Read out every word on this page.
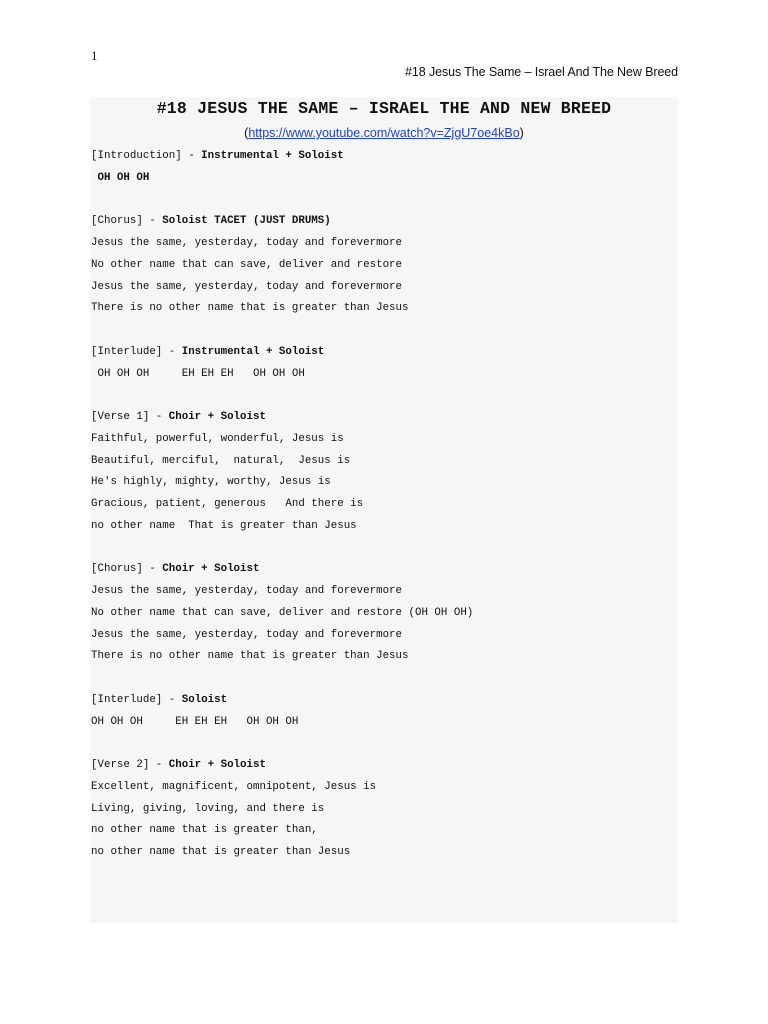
1
#18 Jesus The Same – Israel And The New Breed
#18 JESUS THE SAME – ISRAEL THE AND NEW BREED
(https://www.youtube.com/watch?v=ZjgU7oe4kBo)
[Introduction] - Instrumental + Soloist
OH OH OH
[Chorus] - Soloist TACET (JUST DRUMS)
Jesus the same, yesterday, today and forevermore
No other name that can save, deliver and restore
Jesus the same, yesterday, today and forevermore
There is no other name that is greater than Jesus
[Interlude] - Instrumental + Soloist
OH OH OH     EH EH EH   OH OH OH
[Verse 1] - Choir + Soloist
Faithful, powerful, wonderful, Jesus is
Beautiful, merciful,  natural,  Jesus is
He's highly, mighty, worthy, Jesus is
Gracious, patient, generous   And there is
no other name  That is greater than Jesus
[Chorus] - Choir + Soloist
Jesus the same, yesterday, today and forevermore
No other name that can save, deliver and restore (OH OH OH)
Jesus the same, yesterday, today and forevermore
There is no other name that is greater than Jesus
[Interlude] - Soloist
OH OH OH     EH EH EH   OH OH OH
[Verse 2] - Choir + Soloist
Excellent, magnificent, omnipotent, Jesus is
Living, giving, loving, and there is
no other name that is greater than,
no other name that is greater than Jesus
